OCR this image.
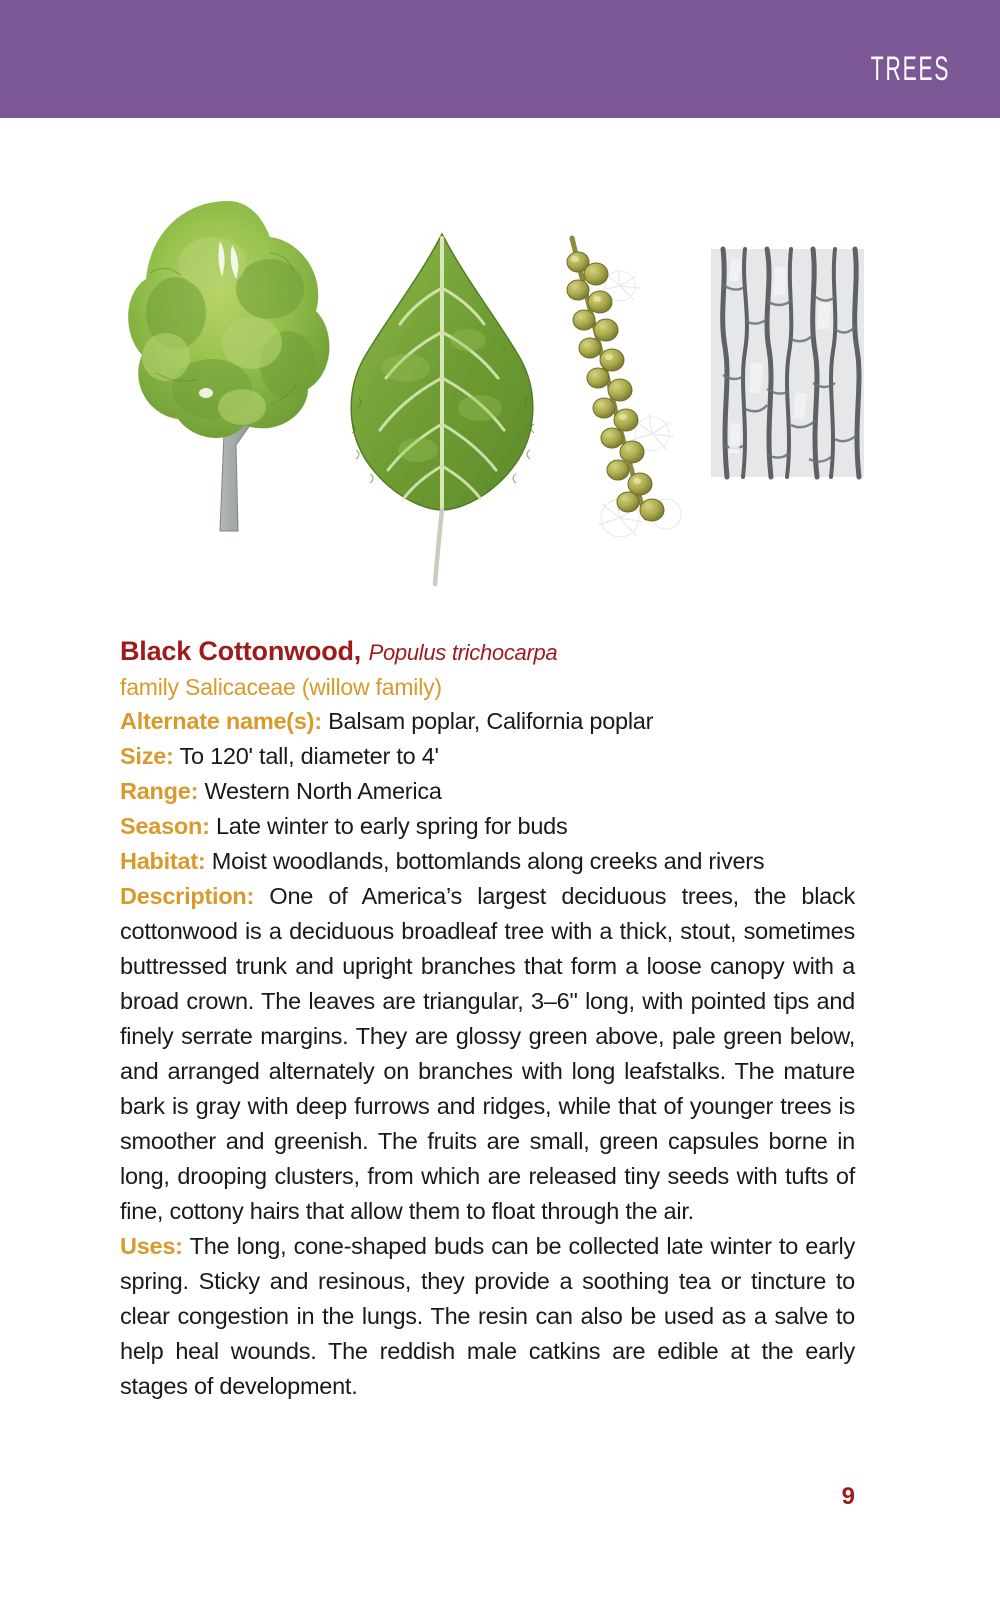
TREES

Black Cottonwood, Populus trichocarpa

family Salicaceae (willow family)

Alternate name(s): Balsam poplar, California poplar

Size: To 120' tall, diameter to 4'

Range: Western North America

Season: Late winter to early spring for buds

Habitat: Moist woodlands, bottomlands along creeks and rivers

Description: One of America’s largest deciduous trees, the black cottonwood is a deciduous broadleaf tree with a thick, stout, sometimes buttressed trunk and upright branches that form a loose canopy with a broad crown. The leaves are triangular, 3–6" long, with pointed tips and finely serrate margins. They are glossy green above, pale green below, and arranged alternately on branches with long leafstalks. The mature bark is gray with deep furrows and ridges, while that of younger trees is smoother and greenish. The fruits are small, green capsules borne in long, drooping clusters, from which are released tiny seeds with tufts of fine, cottony hairs that allow them to float through the air.

Uses: The long, cone-shaped buds can be collected late winter to early spring. Sticky and resinous, they provide a soothing tea or tincture to clear congestion in the lungs. The resin can also be used as a salve to help heal wounds. The reddish male catkins are edible at the early stages of development.

9
